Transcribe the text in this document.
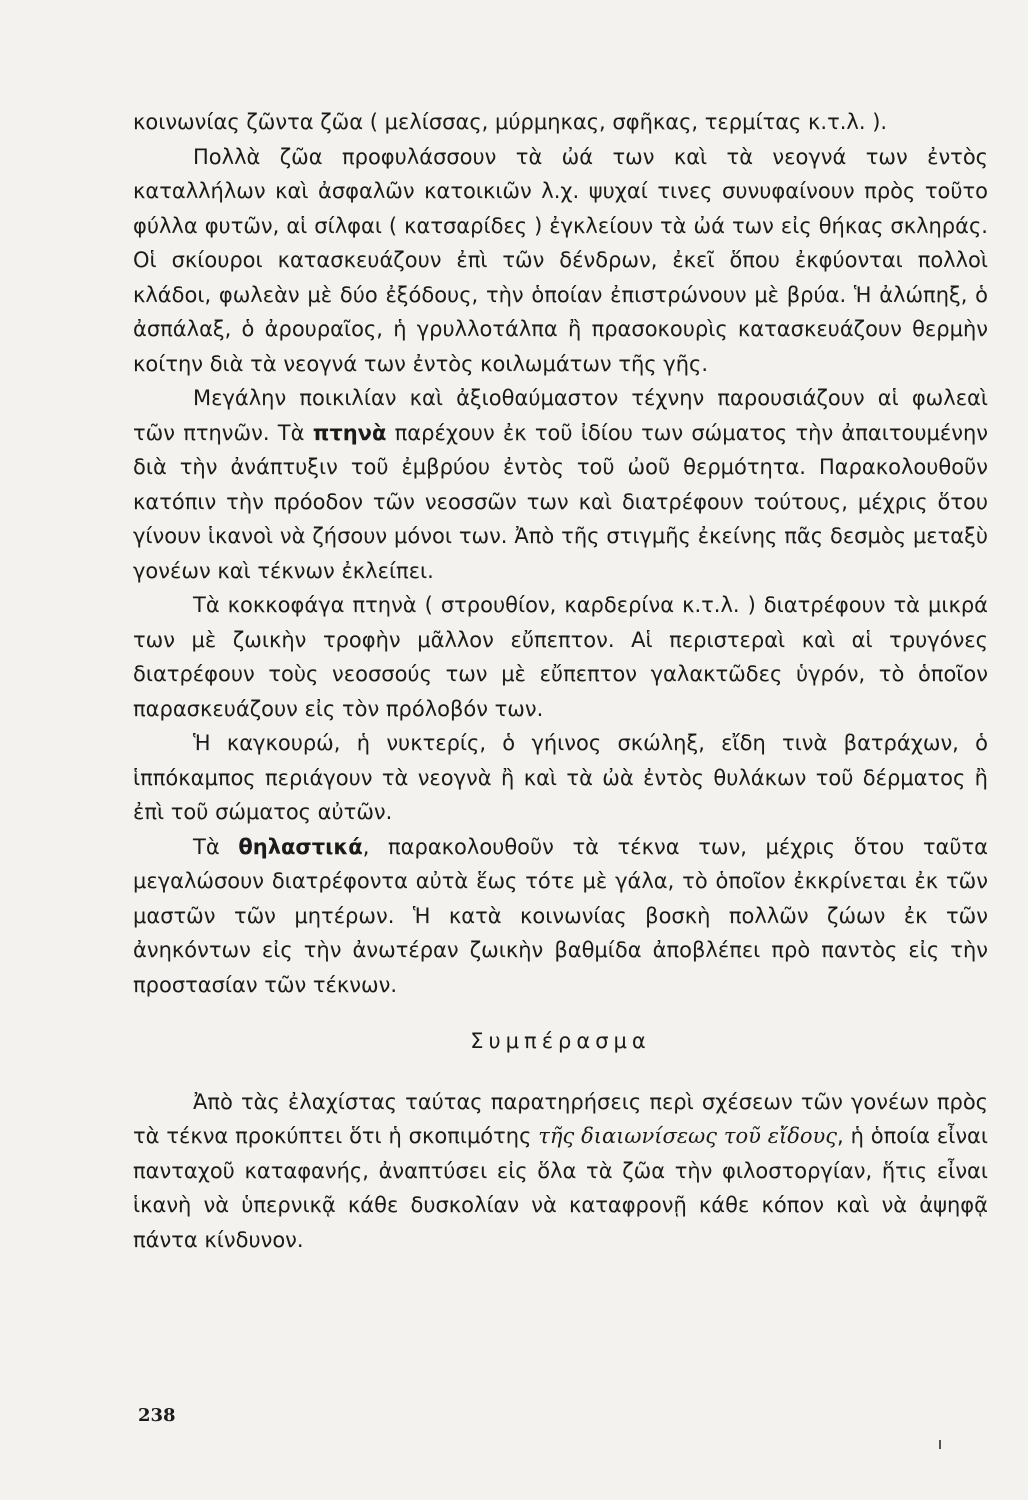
κοινωνίας ζῶντα ζῶα ( μελίσσας, μύρμηκας, σφῆκας, τερμίτας κ.τ.λ. ).

Πολλὰ ζῶα προφυλάσσουν τὰ ὠά των καὶ τὰ νεογνά των ἐντὸς καταλλήλων καὶ ἀσφαλῶν κατοικιῶν λ.χ. ψυχαί τινες συνυφαίνουν πρὸς τοῦτο φύλλα φυτῶν, αἱ σίλφαι ( κατσαρίδες ) ἐγκλείουν τὰ ὠά των εἰς θήκας σκληράς. Οἱ σκίουροι κατασκευάζουν ἐπὶ τῶν δένδρων, ἐκεῖ ὅπου ἐκφύονται πολλοὶ κλάδοι, φωλεὰν μὲ δύο ἐξόδους, τὴν ὁποίαν ἐπιστρώνουν μὲ βρύα. Ἡ ἀλώπηξ, ὁ ἀσπάλαξ, ὁ ἀρουραῖος, ἡ γρυλλοτάλπα ἢ πρασοκουρὶς κατασκευάζουν θερμὴν κοίτην διὰ τὰ νεογνά των ἐντὸς κοιλωμάτων τῆς γῆς.

Μεγάλην ποικιλίαν καὶ ἀξιοθαύμαστον τέχνην παρουσιάζουν αἱ φωλεαὶ τῶν πτηνῶν. Τὰ πτηνὰ παρέχουν ἐκ τοῦ ἰδίου των σώματος τὴν ἀπαιτουμένην διὰ τὴν ἀνάπτυξιν τοῦ ἐμβρύου ἐντὸς τοῦ ὠοῦ θερμότητα. Παρακολουθοῦν κατόπιν τὴν πρόοδον τῶν νεοσσῶν των καὶ διατρέφουν τούτους, μέχρις ὅτου γίνουν ἱκανοὶ νὰ ζήσουν μόνοι των. Ἀπὸ τῆς στιγμῆς ἐκείνης πᾶς δεσμὸς μεταξὺ γονέων καὶ τέκνων ἐκλείπει.

Τὰ κοκκοφάγα πτηνὰ ( στρουθίον, καρδερίνα κ.τ.λ. ) διατρέφουν τὰ μικρά των μὲ ζωικὴν τροφὴν μᾶλλον εὔπεπτον. Αἱ περιστεραὶ καὶ αἱ τρυγόνες διατρέφουν τοὺς νεοσσούς των μὲ εὔπεπτον γαλακτῶδες ὑγρόν, τὸ ὁποῖον παρασκευάζουν εἰς τὸν πρόλοβόν των.

Ἡ καγκουρώ, ἡ νυκτερίς, ὁ γήινος σκώληξ, εἴδη τινὰ βατράχων, ὁ ἱππόκαμπος περιάγουν τὰ νεογνὰ ἢ καὶ τὰ ὠὰ ἐντὸς θυλάκων τοῦ δέρματος ἢ ἐπὶ τοῦ σώματος αὐτῶν.

Τὰ θηλαστικά, παρακολουθοῦν τὰ τέκνα των, μέχρις ὅτου ταῦτα μεγαλώσουν διατρέφοντα αὐτὰ ἕως τότε μὲ γάλα, τὸ ὁποῖον ἐκκρίνεται ἐκ τῶν μαστῶν τῶν μητέρων. Ἡ κατὰ κοινωνίας βοσκὴ πολλῶν ζώων ἐκ τῶν ἀνηκόντων εἰς τὴν ἀνωτέραν ζωικὴν βαθμίδα ἀποβλέπει πρὸ παντὸς εἰς τὴν προστασίαν τῶν τέκνων.

Συμπέρασμα

Ἀπὸ τὰς ἐλαχίστας ταύτας παρατηρήσεις περὶ σχέσεων τῶν γονέων πρὸς τὰ τέκνα προκύπτει ὅτι ἡ σκοπιμότης τῆς διαιωνίσεως τοῦ εἴδους, ἡ ὁποία εἶναι πανταχοῦ καταφανής, ἀναπτύσει εἰς ὅλα τὰ ζῶα τὴν φιλοστοργίαν, ἥτις εἶναι ἱκανὴ νὰ ὑπερνικᾷ κάθε δυσκολίαν νὰ καταφρονῇ κάθε κόπον καὶ νὰ ἀψηφᾷ πάντα κίνδυνον.

238
